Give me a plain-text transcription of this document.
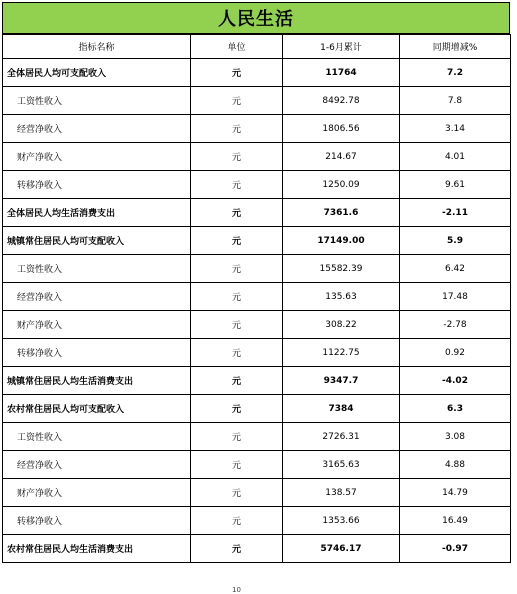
人民生活
指标名称	单位	1-6月累计	同期增减%
全体居民人均可支配收入	元	11764	7.2
工资性收入	元	8492.78	7.8
经营净收入	元	1806.56	3.14
财产净收入	元	214.67	4.01
转移净收入	元	1250.09	9.61
全体居民人均生活消费支出	元	7361.6	-2.11
城镇常住居民人均可支配收入	元	17149.00	5.9
工资性收入	元	15582.39	6.42
经营净收入	元	135.63	17.48
财产净收入	元	308.22	-2.78
转移净收入	元	1122.75	0.92
城镇常住居民人均生活消费支出	元	9347.7	-4.02
农村常住居民人均可支配收入	元	7384	6.3
工资性收入	元	2726.31	3.08
经营净收入	元	3165.63	4.88
财产净收入	元	138.57	14.79
转移净收入	元	1353.66	16.49
农村常住居民人均生活消费支出	元	5746.17	-0.97
10
